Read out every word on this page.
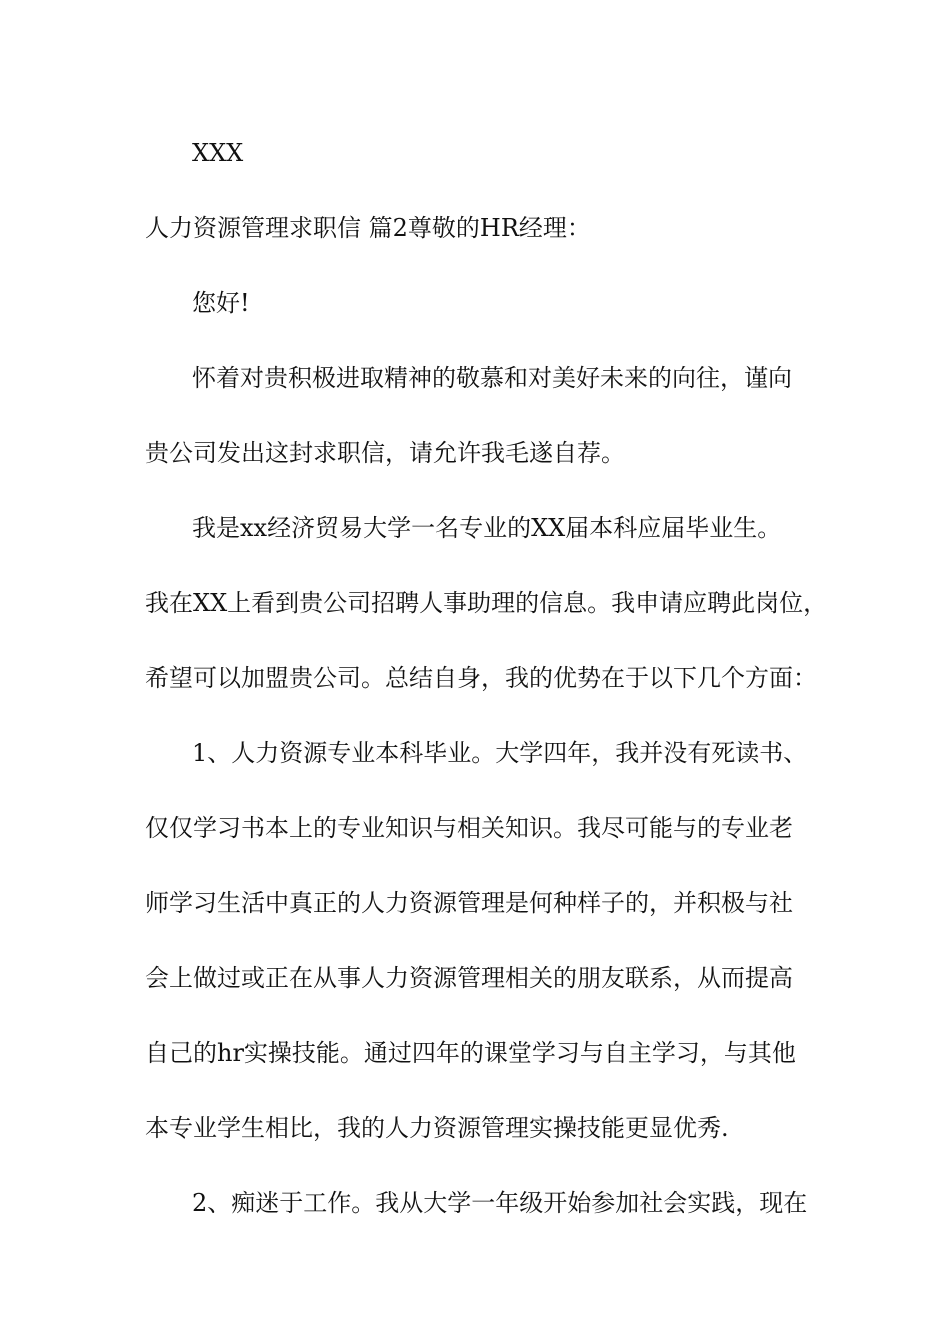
XXX
人力资源管理求职信 篇2尊敬的HR经理：
您好!
怀着对贵积极进取精神的敬慕和对美好未来的向往，谨向
贵公司发出这封求职信，请允许我毛遂自荐。
我是xx经济贸易大学一名专业的XX届本科应届毕业生。
我在XX上看到贵公司招聘人事助理的信息。我申请应聘此岗位，
希望可以加盟贵公司。总结自身，我的优势在于以下几个方面：
1、人力资源专业本科毕业。大学四年，我并没有死读书、
仅仅学习书本上的专业知识与相关知识。我尽可能与的专业老
师学习生活中真正的人力资源管理是何种样子的，并积极与社
会上做过或正在从事人力资源管理相关的朋友联系，从而提高
自己的hr实操技能。通过四年的课堂学习与自主学习，与其他
本专业学生相比，我的人力资源管理实操技能更显优秀.
2、痴迷于工作。我从大学一年级开始参加社会实践，现在
